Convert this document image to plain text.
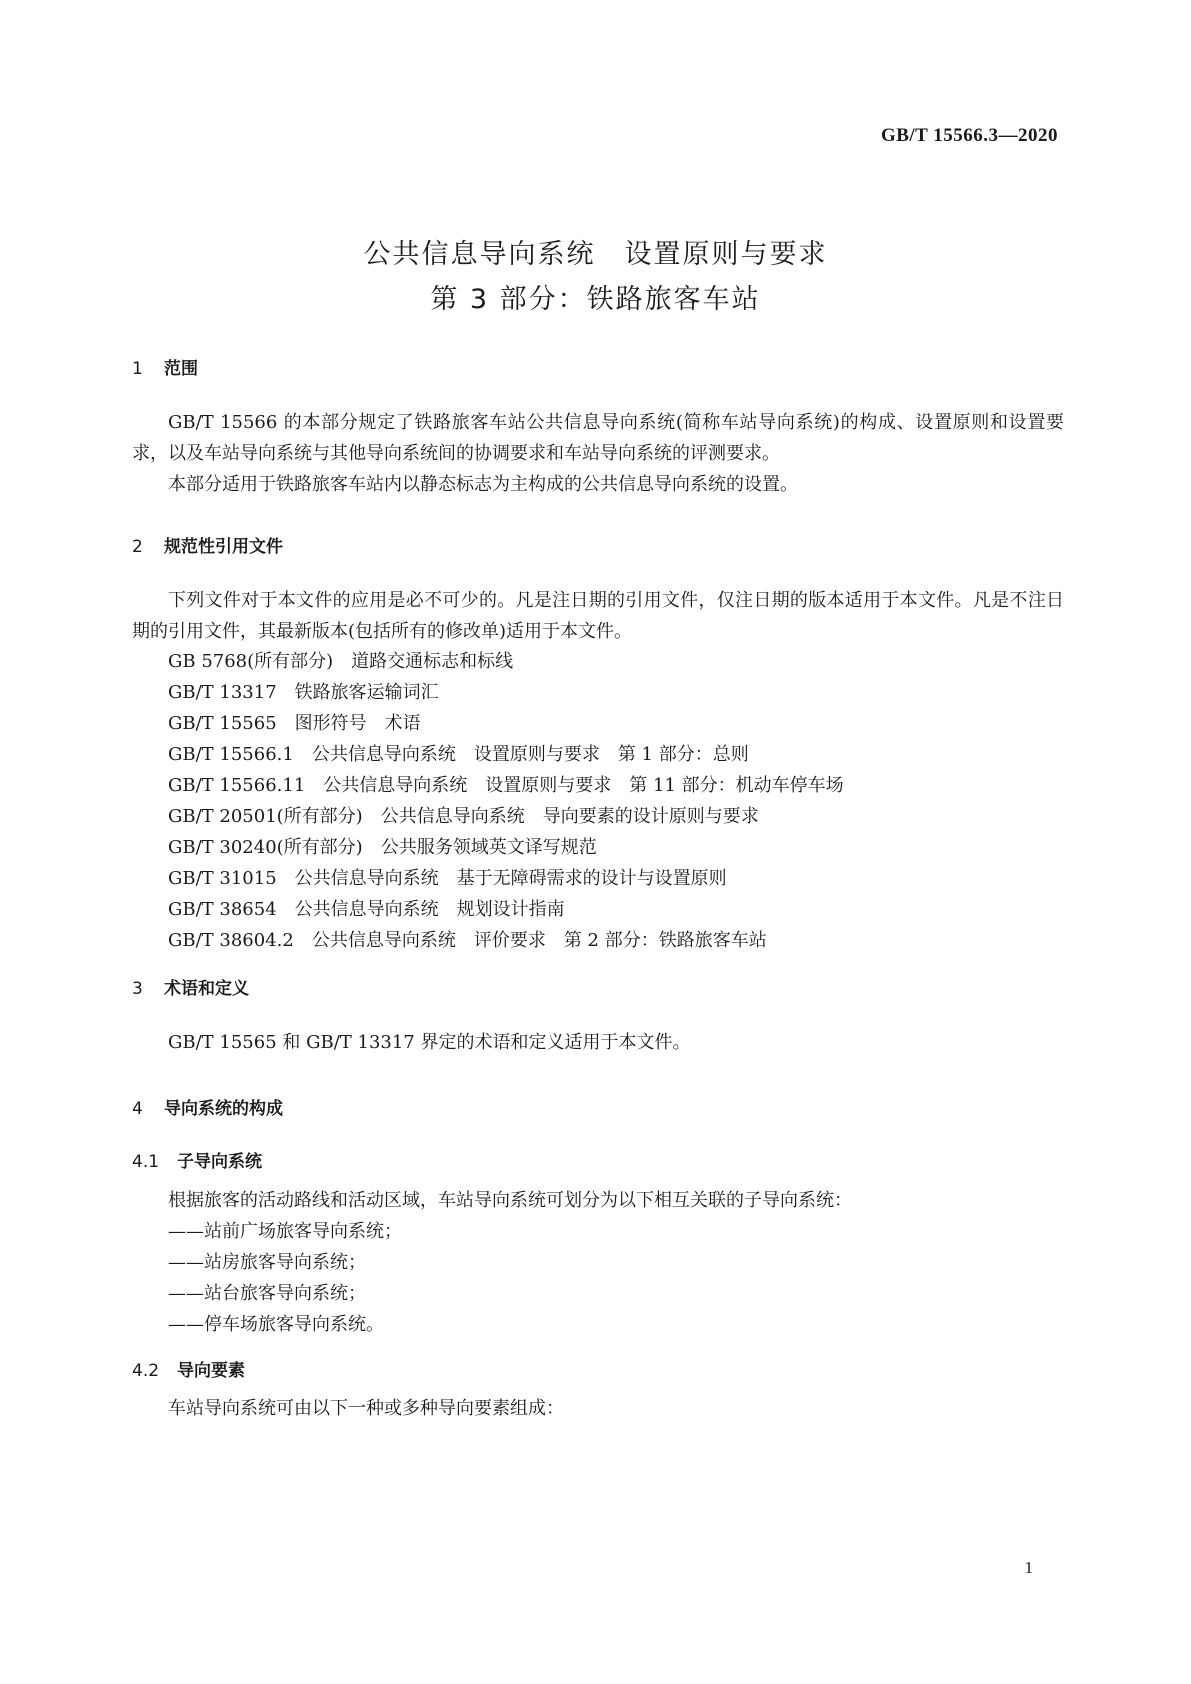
GB/T 15566.3—2020
公共信息导向系统　设置原则与要求
第 3 部分：铁路旅客车站
1 范围

GB/T 15566 的本部分规定了铁路旅客车站公共信息导向系统(简称车站导向系统)的构成、设置原则和设置要求，以及车站导向系统与其他导向系统间的协调要求和车站导向系统的评测要求。

本部分适用于铁路旅客车站内以静态标志为主构成的公共信息导向系统的设置。

2 规范性引用文件

下列文件对于本文件的应用是必不可少的。凡是注日期的引用文件，仅注日期的版本适用于本文件。凡是不注日期的引用文件，其最新版本(包括所有的修改单)适用于本文件。

GB 5768(所有部分)　道路交通标志和标线
GB/T 13317　铁路旅客运输词汇
GB/T 15565　图形符号　术语
GB/T 15566.1　公共信息导向系统　设置原则与要求　第 1 部分：总则
GB/T 15566.11　公共信息导向系统　设置原则与要求　第 11 部分：机动车停车场
GB/T 20501(所有部分)　公共信息导向系统　导向要素的设计原则与要求
GB/T 30240(所有部分)　公共服务领域英文译写规范
GB/T 31015　公共信息导向系统　基于无障碍需求的设计与设置原则
GB/T 38654　公共信息导向系统　规划设计指南
GB/T 38604.2　公共信息导向系统　评价要求　第 2 部分：铁路旅客车站
3 术语和定义

GB/T 15565 和 GB/T 13317 界定的术语和定义适用于本文件。

4 导向系统的构成
4.1 子导向系统

根据旅客的活动路线和活动区域，车站导向系统可划分为以下相互关联的子导向系统：

——站前广场旅客导向系统；
——站房旅客导向系统；
——站台旅客导向系统；
——停车场旅客导向系统。
4.2 导向要素

车站导向系统可由以下一种或多种导向要素组成：

1
